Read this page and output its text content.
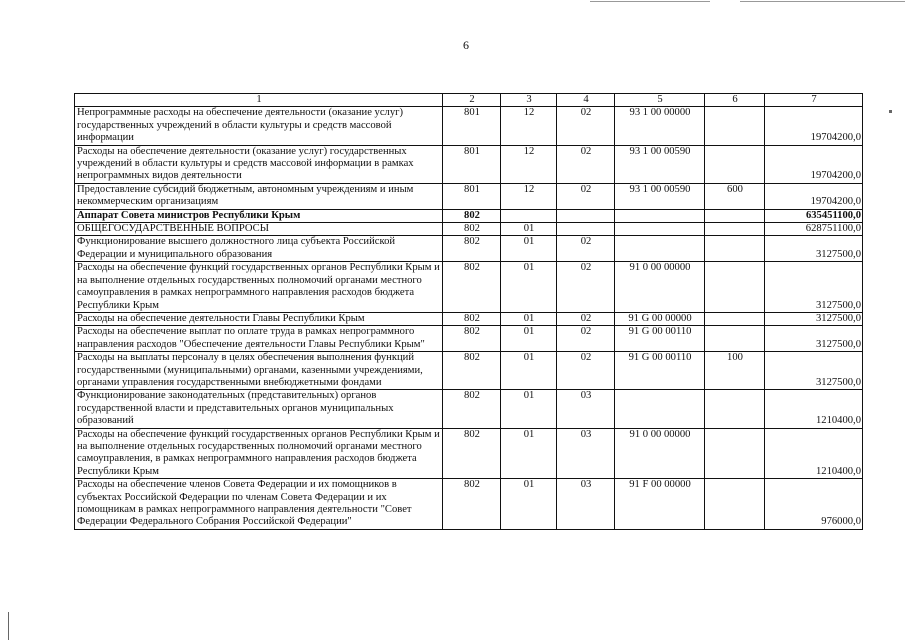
6
1	2	3	4	5	6	7
Непрограммные расходы на обеспечение деятельности (оказание услуг) государственных учреждений в области культуры и средств массовой информации	801	12	02	93 1 00 00000		19704200,0
Расходы на обеспечение деятельности (оказание услуг) государственных учреждений в области культуры и средств массовой информации в рамках непрограммных видов деятельности	801	12	02	93 1 00 00590		19704200,0
Предоставление субсидий бюджетным, автономным учреждениям и иным некоммерческим организациям	801	12	02	93 1 00 00590	600	19704200,0
Аппарат Совета министров Республики Крым	802					635451100,0
ОБЩЕГОСУДАРСТВЕННЫЕ ВОПРОСЫ	802	01				628751100,0
Функционирование высшего должностного лица субъекта Российской Федерации и муниципального образования	802	01	02			3127500,0
Расходы на обеспечение функций государственных органов Республики Крым и на выполнение отдельных государственных полномочий органами местного самоуправления в рамках непрограммного направления расходов бюджета Республики Крым	802	01	02	91 0 00 00000		3127500,0
Расходы на обеспечение деятельности Главы Республики Крым	802	01	02	91 G 00 00000		3127500,0
Расходы на обеспечение выплат по оплате труда в рамках непрограммного направления расходов "Обеспечение деятельности Главы Республики Крым"	802	01	02	91 G 00 00110		3127500,0
Расходы на выплаты персоналу в целях обеспечения выполнения функций государственными (муниципальными) органами, казенными учреждениями, органами управления государственными внебюджетными фондами	802	01	02	91 G 00 00110	100	3127500,0
Функционирование законодательных (представительных) органов государственной власти и представительных органов муниципальных образований	802	01	03			1210400,0
Расходы на обеспечение функций государственных органов Республики Крым и на выполнение отдельных государственных полномочий органами местного самоуправления, в рамках непрограммного направления расходов бюджета Республики Крым	802	01	03	91 0 00 00000		1210400,0
Расходы на обеспечение членов Совета Федерации и их помощников в субъектах Российской Федерации по членам Совета Федерации и их помощникам в рамках непрограммного направления деятельности "Совет Федерации Федерального Собрания Российской Федерации"	802	01	03	91 F 00 00000		976000,0
